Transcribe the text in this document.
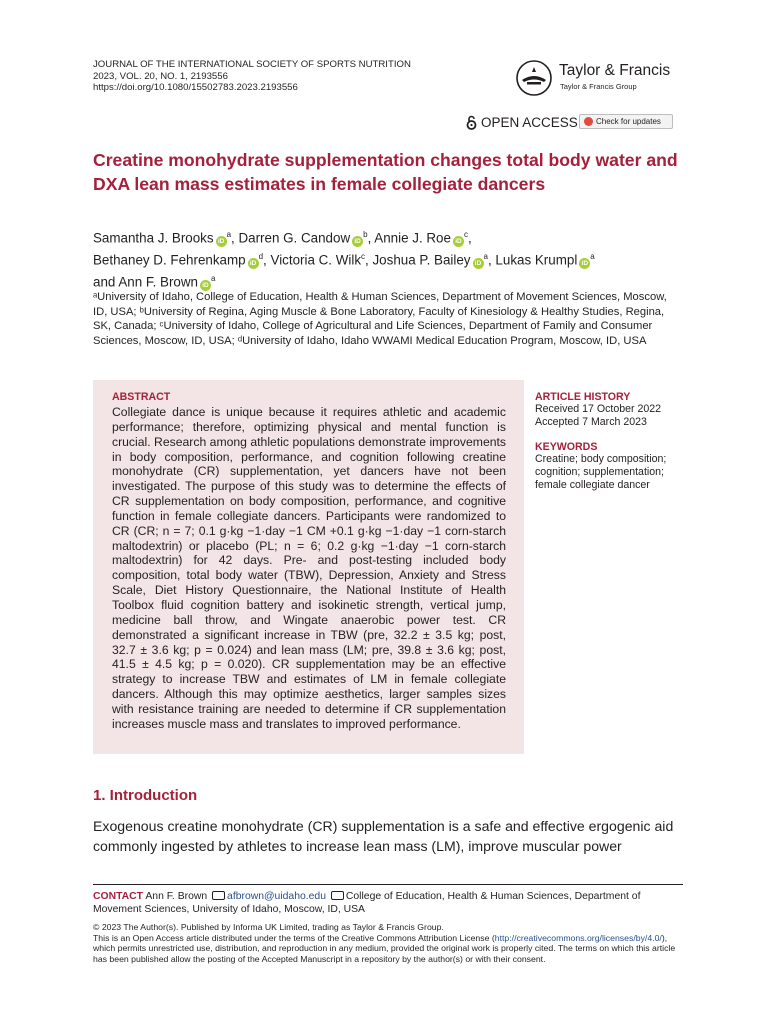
JOURNAL OF THE INTERNATIONAL SOCIETY OF SPORTS NUTRITION
2023, VOL. 20, NO. 1, 2193556
https://doi.org/10.1080/15502783.2023.2193556
Taylor & Francis
Taylor & Francis Group
OPEN ACCESS Check for updates
Creatine monohydrate supplementation changes total body water and DXA lean mass estimates in female collegiate dancers
Samantha J. Brooks $iD^a$, Darren G. Candow $iD^b$, Annie J. Roe $iD^c$,
Bethaney D. Fehrenkamp $iD^d$, Victoria C. Wilk$^c$, Joshua P. Bailey $iD^a$, Lukas Krumpl $iD^a$
and Ann F. Brown $iD^a$
ᵃUniversity of Idaho, College of Education, Health & Human Sciences, Department of Movement Sciences, Moscow, ID, USA; ᵇUniversity of Regina, Aging Muscle & Bone Laboratory, Faculty of Kinesiology & Healthy Studies, Regina, SK, Canada; ᶜUniversity of Idaho, College of Agricultural and Life Sciences, Department of Family and Consumer Sciences, Moscow, ID, USA; ᵈUniversity of Idaho, Idaho WWAMI Medical Education Program, Moscow, ID, USA
ABSTRACT
Collegiate dance is unique because it requires athletic and academic performance; therefore, optimizing physical and mental function is crucial. Research among athletic populations demonstrate improvements in body composition, performance, and cognition following creatine monohydrate (CR) supplementation, yet dancers have not been investigated. The purpose of this study was to determine the effects of CR supplementation on body composition, performance, and cognitive function in female collegiate dancers. Participants were randomized to CR (CR; n = 7; 0.1 g·kg −1·day −1 CM +0.1 g·kg −1·day −1 corn-starch maltodextrin) or placebo (PL; n = 6; 0.2 g·kg −1·day −1 corn-starch maltodextrin) for 42 days. Pre- and post-testing included body composition, total body water (TBW), Depression, Anxiety and Stress Scale, Diet History Questionnaire, the National Institute of Health Toolbox fluid cognition battery and isokinetic strength, vertical jump, medicine ball throw, and Wingate anaerobic power test. CR demonstrated a significant increase in TBW (pre, 32.2 ± 3.5 kg; post, 32.7 ± 3.6 kg; p = 0.024) and lean mass (LM; pre, 39.8 ± 3.6 kg; post, 41.5 ± 4.5 kg; p = 0.020). CR supplementation may be an effective strategy to increase TBW and estimates of LM in female collegiate dancers. Although this may optimize aesthetics, larger samples sizes with resistance training are needed to determine if CR supplementation increases muscle mass and translates to improved performance.
ARTICLE HISTORY
Received 17 October 2022
Accepted 7 March 2023
KEYWORDS
Creatine; body composition; cognition; supplementation; female collegiate dancer
1. Introduction
Exogenous creatine monohydrate (CR) supplementation is a safe and effective ergogenic aid commonly ingested by athletes to increase lean mass (LM), improve muscular power
CONTACT Ann F. Brown afbrown@uidaho.edu College of Education, Health & Human Sciences, Department of Movement Sciences, University of Idaho, Moscow, ID, USA
© 2023 The Author(s). Published by Informa UK Limited, trading as Taylor & Francis Group.
This is an Open Access article distributed under the terms of the Creative Commons Attribution License (http://creativecommons.org/licenses/by/4.0/), which permits unrestricted use, distribution, and reproduction in any medium, provided the original work is properly cited. The terms on which this article has been published allow the posting of the Accepted Manuscript in a repository by the author(s) or with their consent.
